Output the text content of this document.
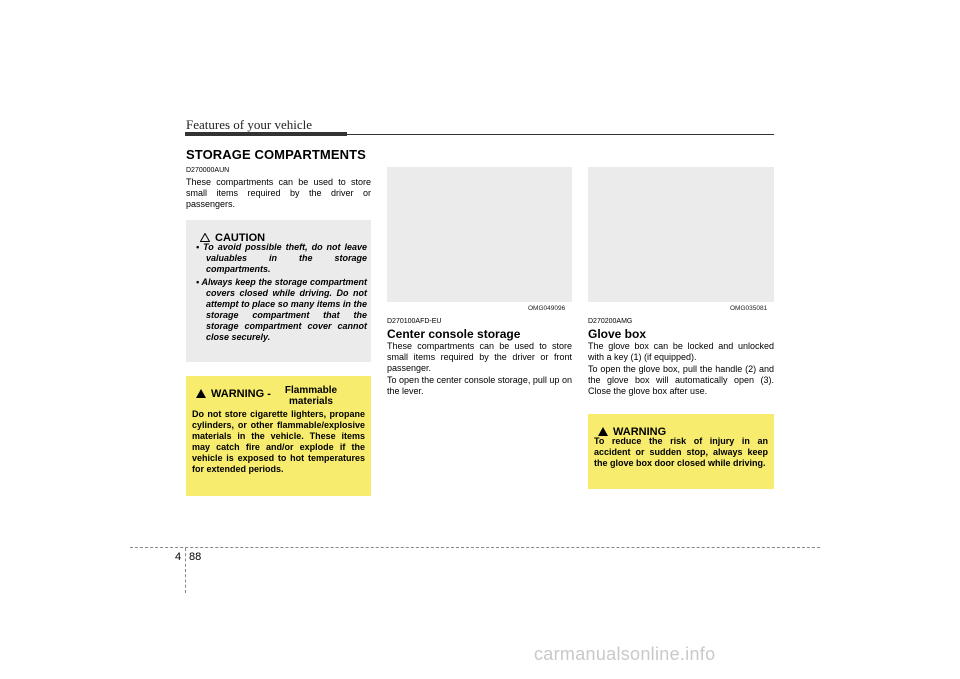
Features of your vehicle
STORAGE COMPARTMENTS
D270000AUN
These compartments can be used to store small items required by the driver or passengers.
CAUTION
• To avoid possible theft, do not leave valuables in the storage compartments.
• Always keep the storage compartment covers closed while driving. Do not attempt to place so many items in the storage compartment that the storage compartment cover cannot close securely.
WARNING -	Flammable materials
Do not store cigarette lighters, propane cylinders, or other flammable/explosive materials in the vehicle. These items may catch fire and/or explode if the vehicle is exposed to hot temperatures for extended periods.
OMG049096
D270100AFD-EU
Center console storage
These compartments can be used to store small items required by the driver or front passenger.
To open the center console storage, pull up on the lever.
OMG035081
D270200AMG
Glove box
The glove box can be locked and unlocked with a key (1) (if equipped).
To open the glove box, pull the handle (2) and the glove box will automatically open (3). Close the glove box after use.
WARNING
To reduce the risk of injury in an accident or sudden stop, always keep the glove box door closed while driving.
4 88
carmanualsonline.info
